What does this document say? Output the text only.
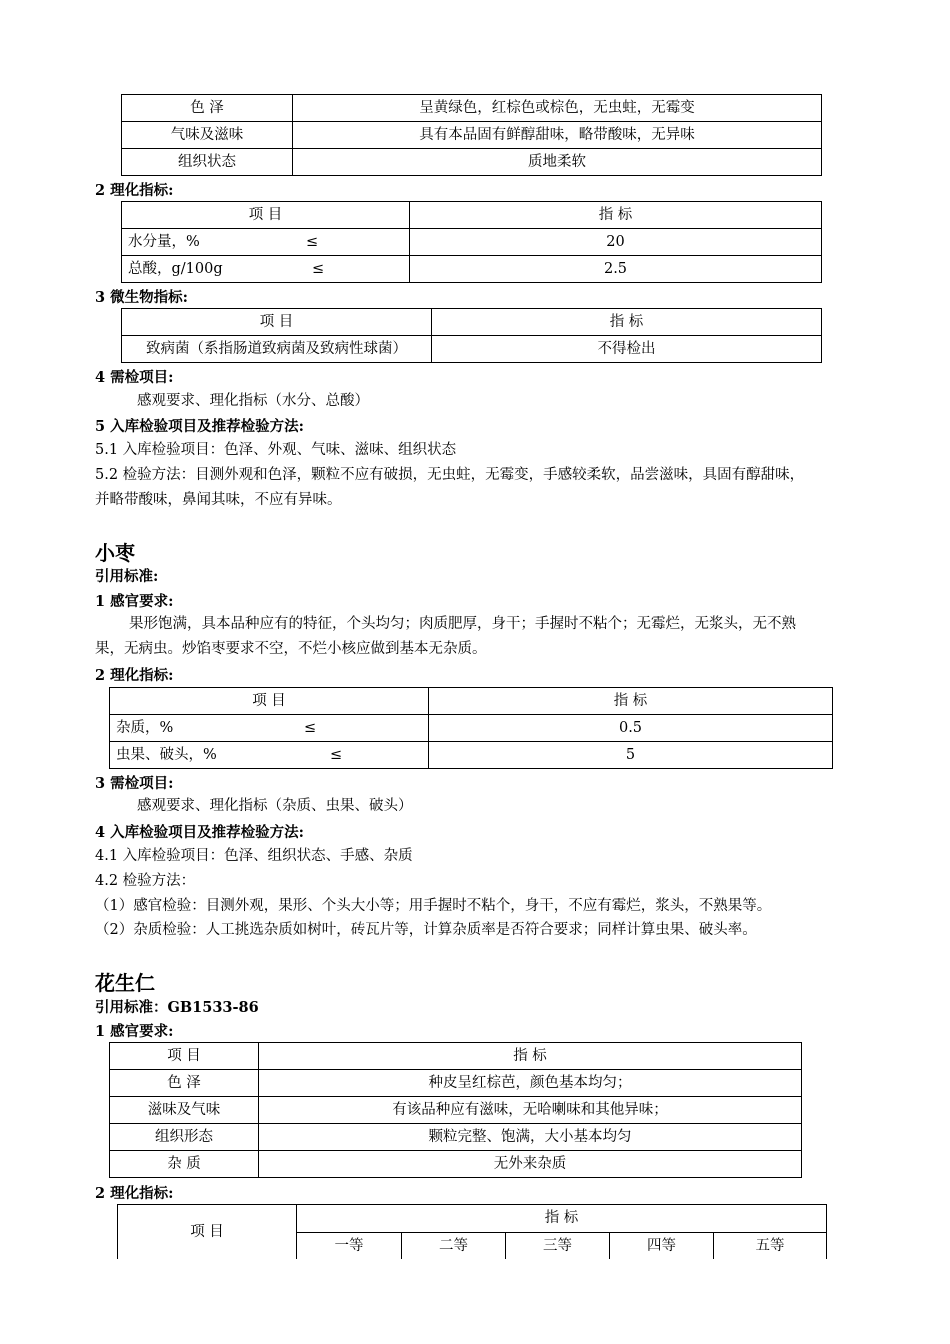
色 泽	呈黄绿色，红棕色或棕色，无虫蛀，无霉变
气味及滋味	具有本品固有鲜醇甜味，略带酸味，无异味
组织状态	质地柔软
2 理化指标:
项 目	指 标
水分量，% ≤	20
总酸，g/100g ≤	2.5
3 微生物指标:
项 目	指 标
致病菌（系指肠道致病菌及致病性球菌）	不得检出
4 需检项目:
感观要求、理化指标（水分、总酸）
5 入库检验项目及推荐检验方法:
5.1 入库检验项目：色泽、外观、气味、滋味、组织状态
5.2 检验方法：目测外观和色泽，颗粒不应有破损，无虫蛀，无霉变，手感较柔软，品尝滋味，具固有醇甜味，
并略带酸味，鼻闻其味，不应有异味。
小枣
引用标准:
1 感官要求:
果形饱满，具本品种应有的特征，个头均匀；肉质肥厚，身干；手握时不粘个；无霉烂，无浆头，无不熟
果，无病虫。炒馅枣要求不空，不烂小核应做到基本无杂质。
2 理化指标:
项 目	指 标
杂质，% ≤	0.5
虫果、破头，% ≤	5
3 需检项目:
感观要求、理化指标（杂质、虫果、破头）
4 入库检验项目及推荐检验方法:
4.1 入库检验项目：色泽、组织状态、手感、杂质
4.2 检验方法：
（1）感官检验：目测外观，果形、个头大小等；用手握时不粘个，身干，不应有霉烂，浆头，不熟果等。
（2）杂质检验：人工挑选杂质如树叶，砖瓦片等，计算杂质率是否符合要求；同样计算虫果、破头率。
花生仁
引用标准：GB1533-86
1 感官要求:
项 目	指 标
色 泽	种皮呈红棕芭，颜色基本均匀；
滋味及气味	有该品种应有滋味，无哈喇味和其他异味；
组织形态	颗粒完整、饱满，大小基本均匀
杂 质	无外来杂质
2 理化指标:
项 目
指 标
一等	二等	三等	四等	五等
